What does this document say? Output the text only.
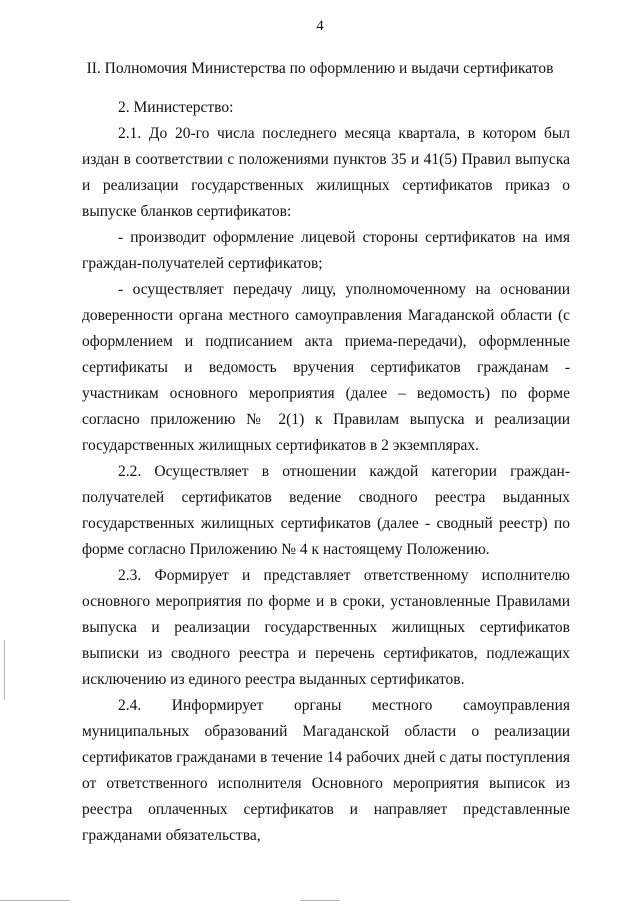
4
II. Полномочия Министерства по оформлению и выдачи сертификатов

2. Министерство:

2.1. До 20-го числа последнего месяца квартала, в котором был издан в соответствии с положениями пунктов 35 и 41(5) Правил выпуска и реализации государственных жилищных сертификатов приказ о выпуске бланков сертификатов:

- производит оформление лицевой стороны сертификатов на имя граждан-получателей сертификатов;

- осуществляет передачу лицу, уполномоченному на основании доверенности органа местного самоуправления Магаданской области (с оформлением и подписанием акта приема-передачи), оформленные сертификаты и ведомость вручения сертификатов гражданам - участникам основного мероприятия (далее – ведомость) по форме согласно приложению № 2(1) к Правилам выпуска и реализации государственных жилищных сертификатов в 2 экземплярах.

2.2. Осуществляет в отношении каждой категории граждан-получателей сертификатов ведение сводного реестра выданных государственных жилищных сертификатов (далее - сводный реестр) по форме согласно Приложению № 4 к настоящему Положению.

2.3. Формирует и представляет ответственному исполнителю основного мероприятия по форме и в сроки, установленные Правилами выпуска и реализации государственных жилищных сертификатов выписки из сводного реестра и перечень сертификатов, подлежащих исключению из единого реестра выданных сертификатов.

2.4. Информирует органы местного самоуправления муниципальных образований Магаданской области о реализации сертификатов гражданами в течение 14 рабочих дней с даты поступления от ответственного исполнителя Основного мероприятия выписок из реестра оплаченных сертификатов и направляет представленные гражданами обязательства,
